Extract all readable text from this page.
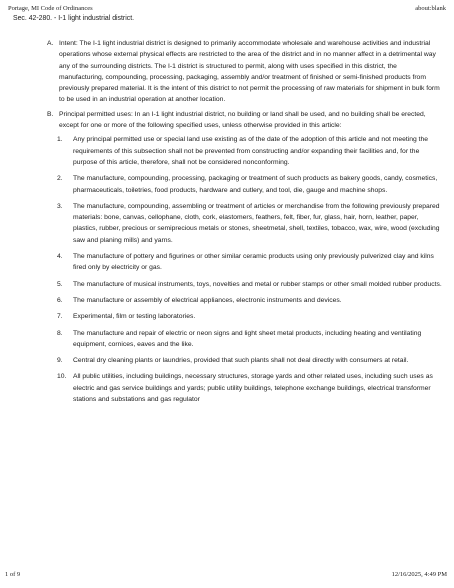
Portage, MI Code of Ordinances	about:blank
Sec. 42-280. - I-1 light industrial district.
A. Intent: The I-1 light industrial district is designed to primarily accommodate wholesale and warehouse activities and industrial operations whose external physical effects are restricted to the area of the district and in no manner affect in a detrimental way any of the surrounding districts. The I-1 district is structured to permit, along with uses specified in this district, the manufacturing, compounding, processing, packaging, assembly and/or treatment of finished or semi-finished products from previously prepared material. It is the intent of this district to not permit the processing of raw materials for shipment in bulk form to be used in an industrial operation at another location.
B. Principal permitted uses: In an I-1 light industrial district, no building or land shall be used, and no building shall be erected, except for one or more of the following specified uses, unless otherwise provided in this article:
1. Any principal permitted use or special land use existing as of the date of the adoption of this article and not meeting the requirements of this subsection shall not be prevented from constructing and/or expanding their facilities and, for the purpose of this article, therefore, shall not be considered nonconforming.
2. The manufacture, compounding, processing, packaging or treatment of such products as bakery goods, candy, cosmetics, pharmaceuticals, toiletries, food products, hardware and cutlery, and tool, die, gauge and machine shops.
3. The manufacture, compounding, assembling or treatment of articles or merchandise from the following previously prepared materials: bone, canvas, cellophane, cloth, cork, elastomers, feathers, felt, fiber, fur, glass, hair, horn, leather, paper, plastics, rubber, precious or semiprecious metals or stones, sheetmetal, shell, textiles, tobacco, wax, wire, wood (excluding saw and planing mills) and yarns.
4. The manufacture of pottery and figurines or other similar ceramic products using only previously pulverized clay and kilns fired only by electricity or gas.
5. The manufacture of musical instruments, toys, novelties and metal or rubber stamps or other small molded rubber products.
6. The manufacture or assembly of electrical appliances, electronic instruments and devices.
7. Experimental, film or testing laboratories.
8. The manufacture and repair of electric or neon signs and light sheet metal products, including heating and ventilating equipment, cornices, eaves and the like.
9. Central dry cleaning plants or laundries, provided that such plants shall not deal directly with consumers at retail.
10. All public utilities, including buildings, necessary structures, storage yards and other related uses, including such uses as electric and gas service buildings and yards; public utility buildings, telephone exchange buildings, electrical transformer stations and substations and gas regulator
1 of 9	12/16/2025, 4:49 PM
